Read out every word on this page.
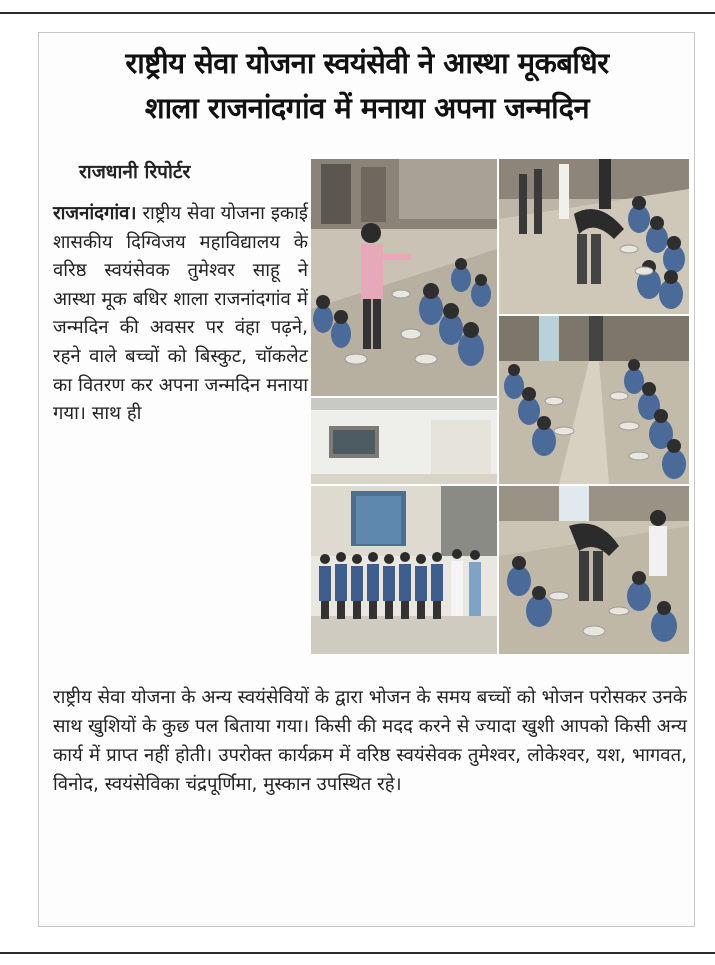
राष्ट्रीय सेवा योजना स्वयंसेवी ने आस्था मूकबधिर
शाला राजनांदगांव में मनाया अपना जन्मदिन

राजधानी रिपोर्टर

राजनांदगांव। राष्ट्रीय सेवा योजना इकाई शासकीय दिग्विजय महाविद्यालय के वरिष्ठ स्वयंसेवक तुमेश्वर साहू ने आस्था मूक बधिर शाला राजनांदगांव में जन्मदिन की अवसर पर वंहा पढ़ने, रहने वाले बच्चों को बिस्कुट, चॉकलेट का वितरण कर अपना जन्मदिन मनाया गया। साथ ही

राष्ट्रीय सेवा योजना के अन्य स्वयंसेवियों के द्वारा भोजन के समय बच्चों को भोजन परोसकर उनके साथ खुशियों के कुछ पल बिताया गया। किसी की मदद करने से ज्यादा खुशी आपको किसी अन्य कार्य में प्राप्त नहीं होती। उपरोक्त कार्यक्रम में वरिष्ठ स्वयंसेवक तुमेश्वर, लोकेश्वर, यश, भागवत, विनोद, स्वयंसेविका चंद्रपूर्णिमा, मुस्कान उपस्थित रहे।
